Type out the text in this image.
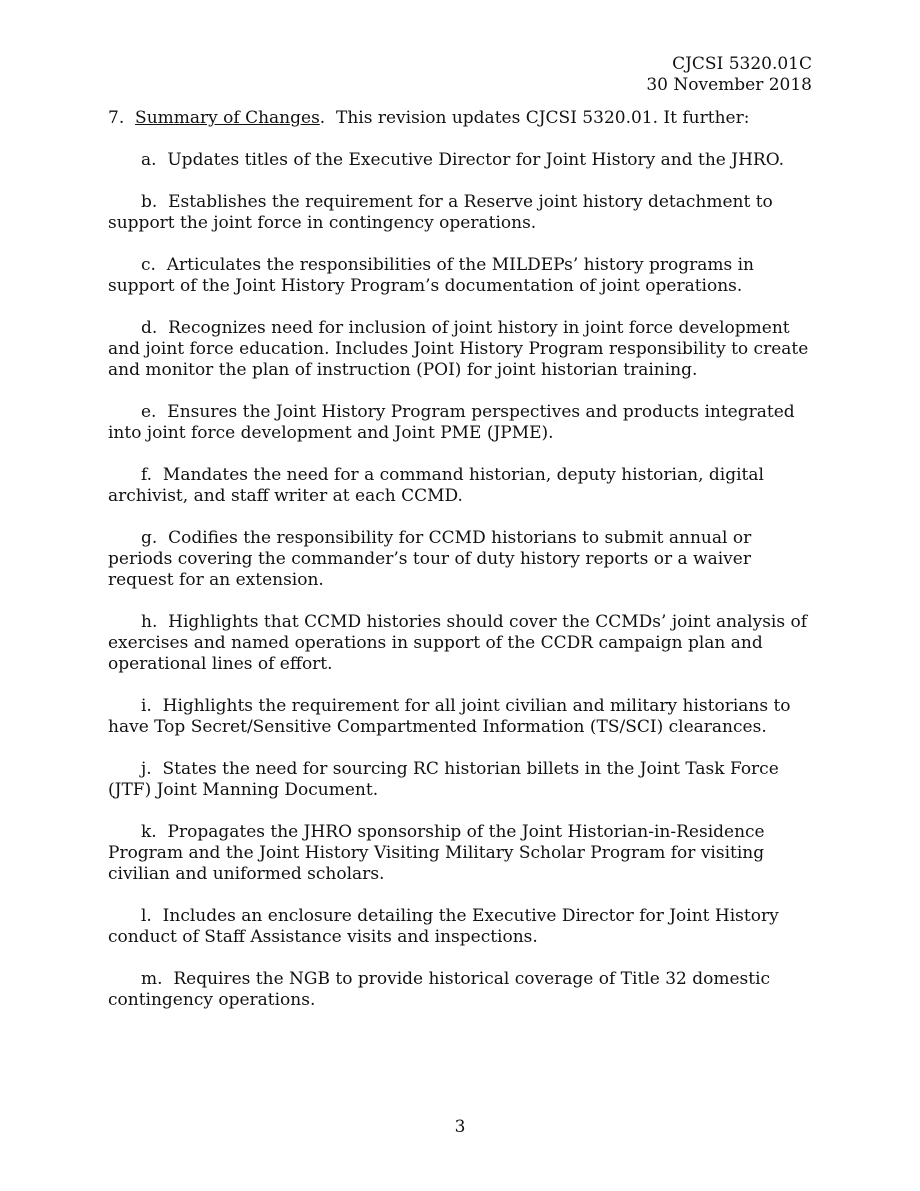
CJCSI 5320.01C
30 November 2018

7. Summary of Changes. This revision updates CJCSI 5320.01. It further:

a. Updates titles of the Executive Director for Joint History and the JHRO.

b. Establishes the requirement for a Reserve joint history detachment to support the joint force in contingency operations.

c. Articulates the responsibilities of the MILDEPs’ history programs in support of the Joint History Program’s documentation of joint operations.

d. Recognizes need for inclusion of joint history in joint force development and joint force education. Includes Joint History Program responsibility to create and monitor the plan of instruction (POI) for joint historian training.

e. Ensures the Joint History Program perspectives and products integrated into joint force development and Joint PME (JPME).

f. Mandates the need for a command historian, deputy historian, digital archivist, and staff writer at each CCMD.

g. Codifies the responsibility for CCMD historians to submit annual or periods covering the commander’s tour of duty history reports or a waiver request for an extension.

h. Highlights that CCMD histories should cover the CCMDs’ joint analysis of exercises and named operations in support of the CCDR campaign plan and operational lines of effort.

i. Highlights the requirement for all joint civilian and military historians to have Top Secret/Sensitive Compartmented Information (TS/SCI) clearances.

j. States the need for sourcing RC historian billets in the Joint Task Force (JTF) Joint Manning Document.

k. Propagates the JHRO sponsorship of the Joint Historian-in-Residence Program and the Joint History Visiting Military Scholar Program for visiting civilian and uniformed scholars.

l. Includes an enclosure detailing the Executive Director for Joint History conduct of Staff Assistance visits and inspections.

m. Requires the NGB to provide historical coverage of Title 32 domestic contingency operations.

3
